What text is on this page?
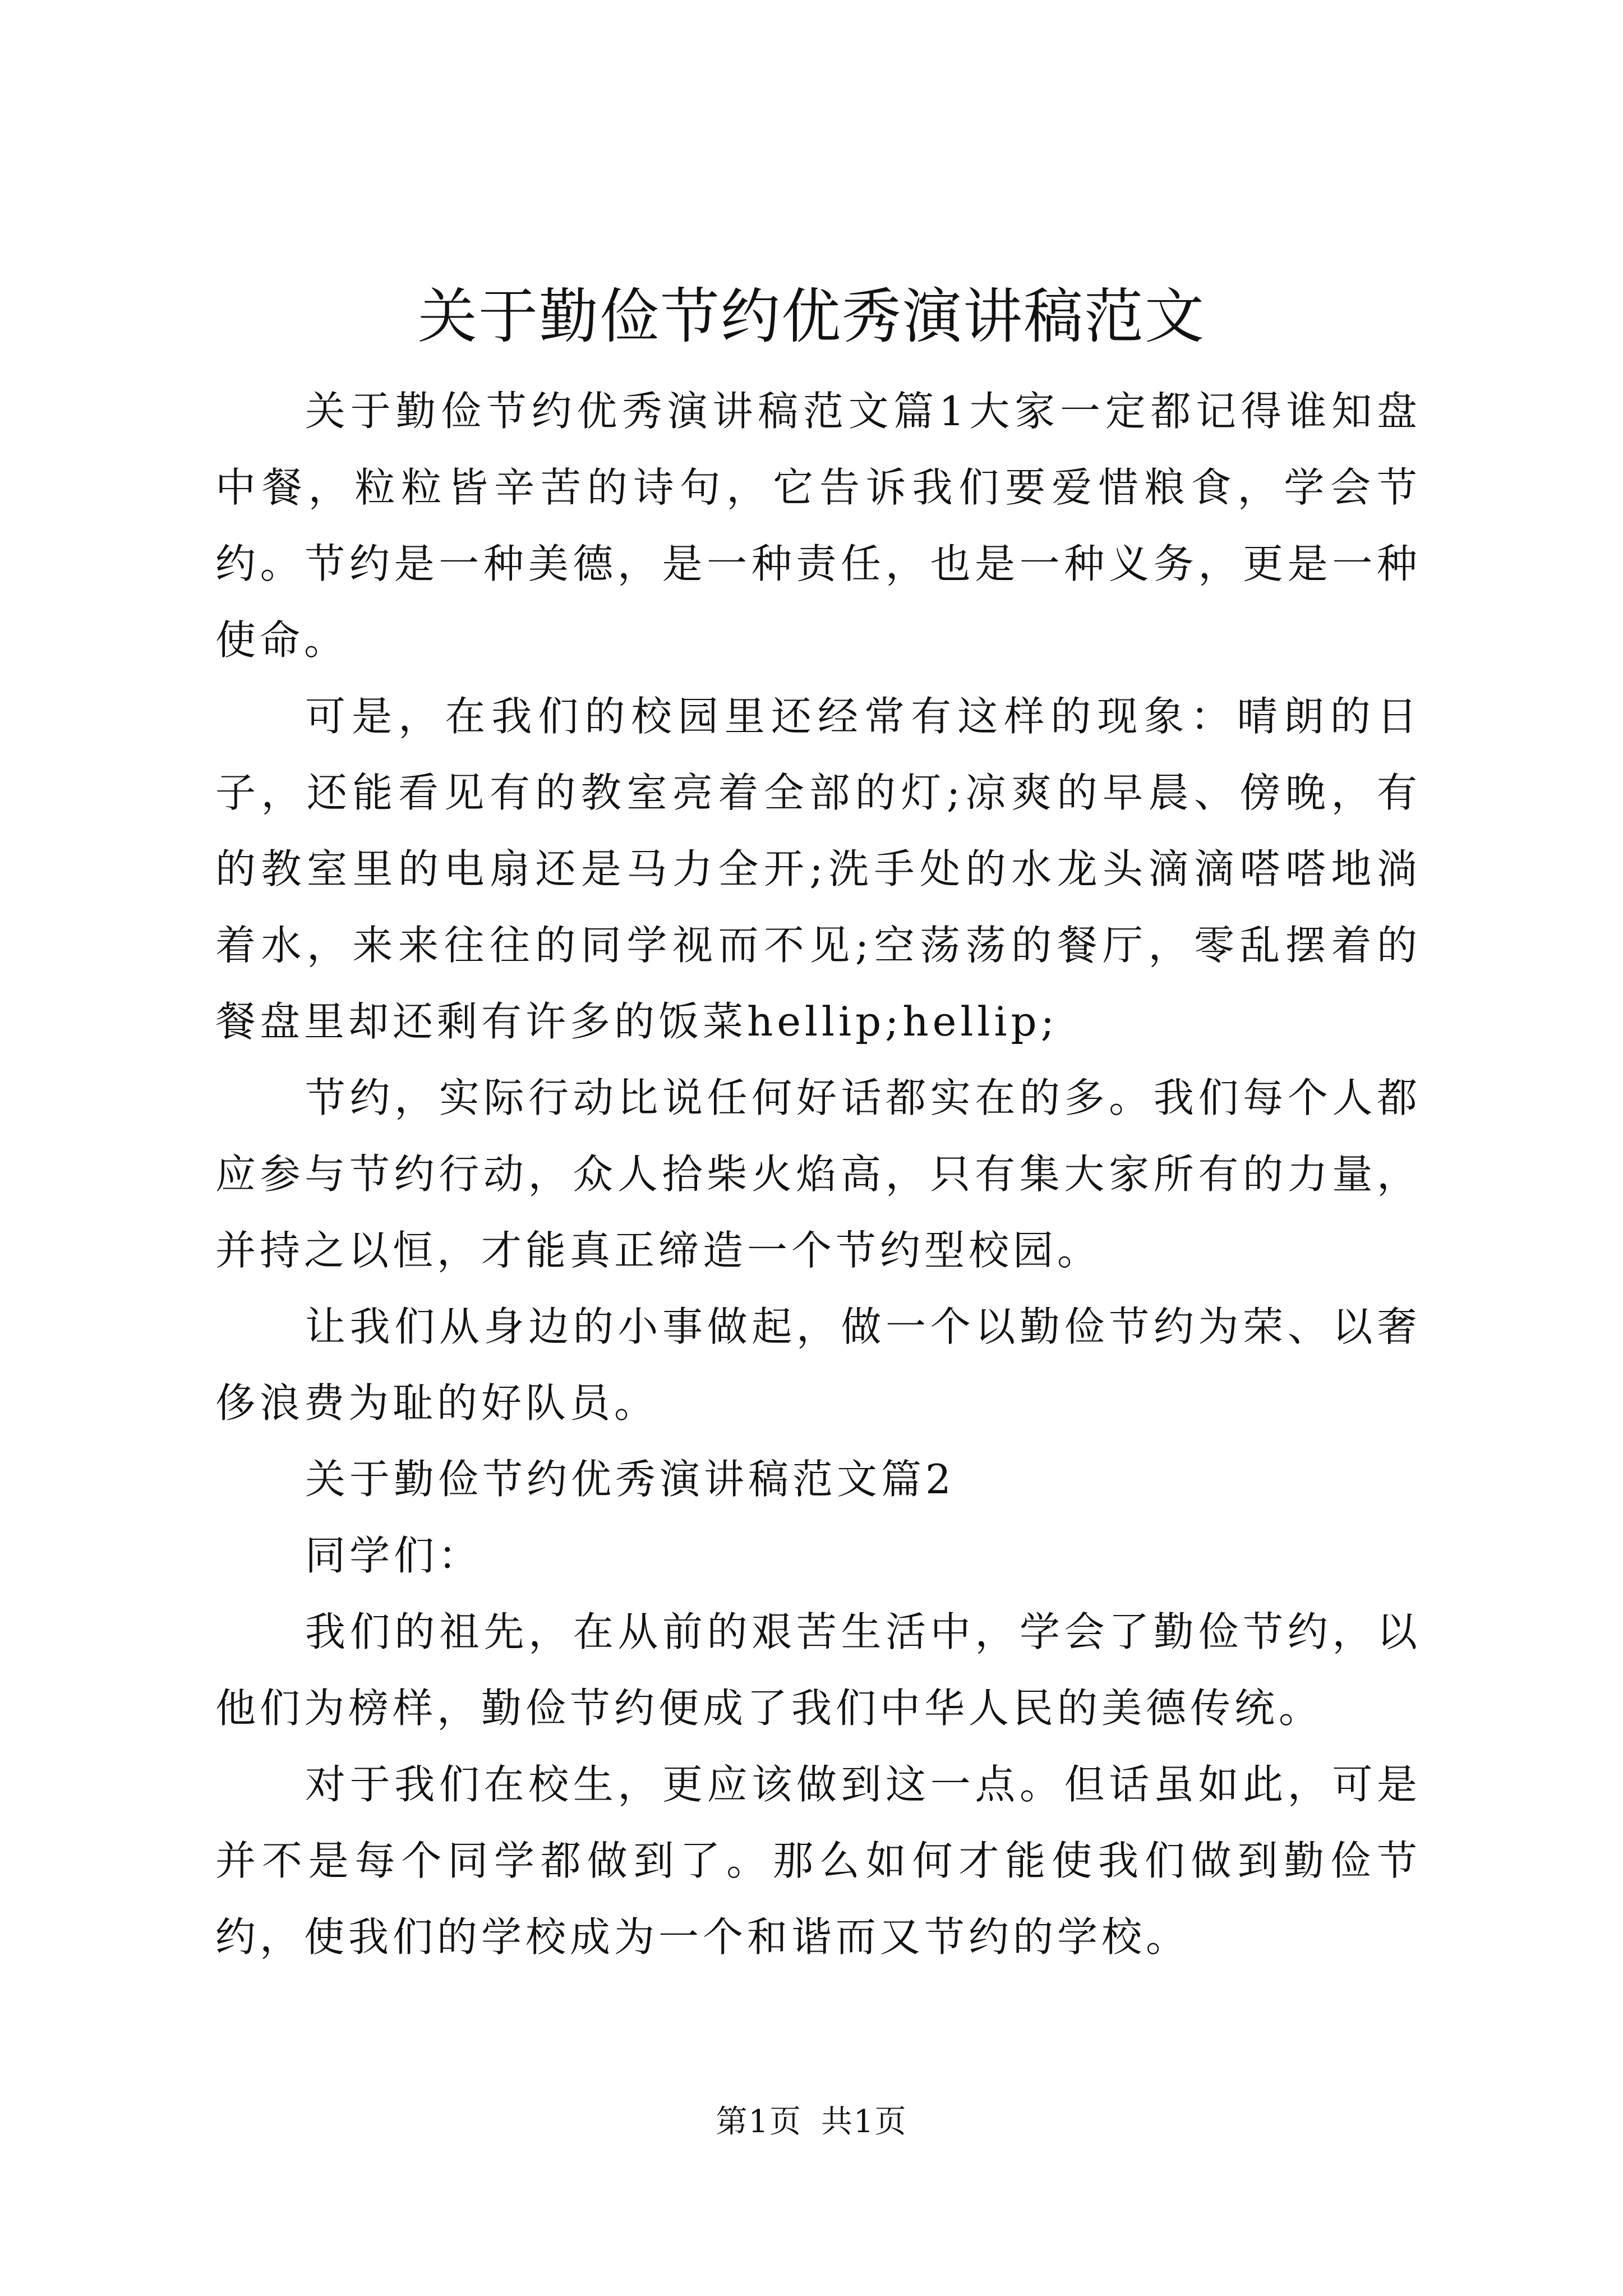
关于勤俭节约优秀演讲稿范文

关于勤俭节约优秀演讲稿范文篇1大家一定都记得谁知盘中餐，粒粒皆辛苦的诗句，它告诉我们要爱惜粮食，学会节约。节约是一种美德，是一种责任，也是一种义务，更是一种使命。

可是，在我们的校园里还经常有这样的现象：晴朗的日子，还能看见有的教室亮着全部的灯;凉爽的早晨、傍晚，有的教室里的电扇还是马力全开;洗手处的水龙头滴滴嗒嗒地淌着水，来来往往的同学视而不见;空荡荡的餐厅，零乱摆着的餐盘里却还剩有许多的饭菜hellip;hellip;

节约，实际行动比说任何好话都实在的多。我们每个人都应参与节约行动，众人拾柴火焰高，只有集大家所有的力量，并持之以恒，才能真正缔造一个节约型校园。

让我们从身边的小事做起，做一个以勤俭节约为荣、以奢侈浪费为耻的好队员。

关于勤俭节约优秀演讲稿范文篇2

同学们：

我们的祖先，在从前的艰苦生活中，学会了勤俭节约，以他们为榜样，勤俭节约便成了我们中华人民的美德传统。

对于我们在校生，更应该做到这一点。但话虽如此，可是并不是每个同学都做到了。那么如何才能使我们做到勤俭节约，使我们的学校成为一个和谐而又节约的学校。

第1页 共1页
